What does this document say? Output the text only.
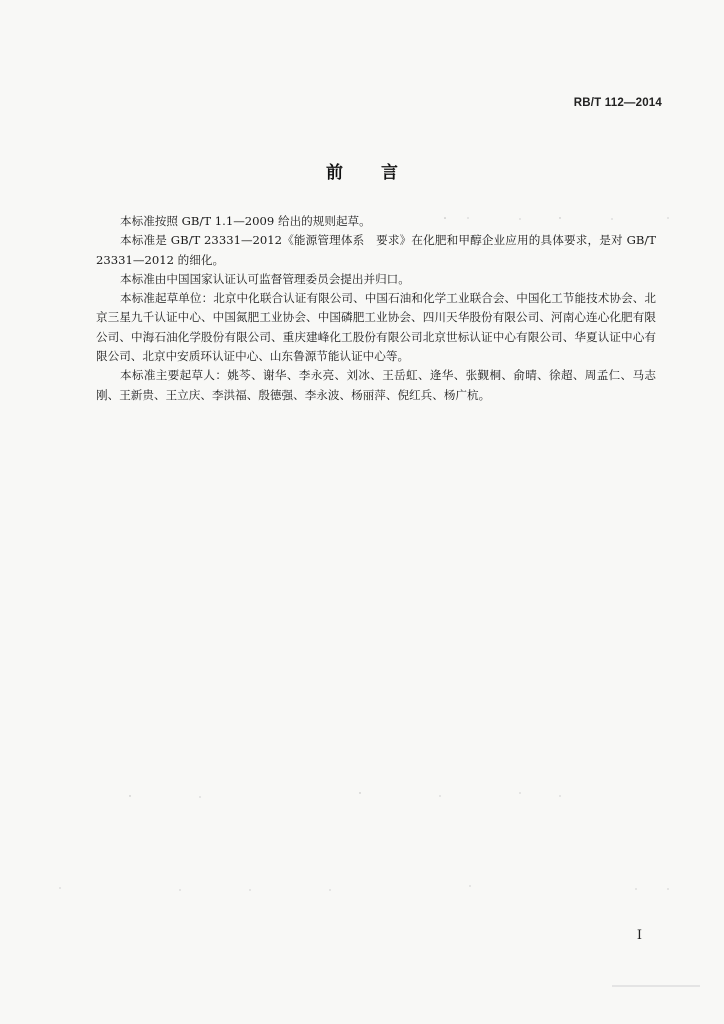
RB/T 112—2014
前言

本标准按照 GB/T 1.1—2009 给出的规则起草。

本标准是 GB/T 23331—2012《能源管理体系　要求》在化肥和甲醇企业应用的具体要求，是对 GB/T 23331—2012 的细化。

本标准由中国国家认证认可监督管理委员会提出并归口。

本标准起草单位：北京中化联合认证有限公司、中国石油和化学工业联合会、中国化工节能技术协会、北京三星九千认证中心、中国氮肥工业协会、中国磷肥工业协会、四川天华股份有限公司、河南心连心化肥有限公司、中海石油化学股份有限公司、重庆建峰化工股份有限公司北京世标认证中心有限公司、华夏认证中心有限公司、北京中安质环认证中心、山东鲁源节能认证中心等。

本标准主要起草人：姚芩、谢华、李永亮、刘冰、王岳虹、逄华、张觐桐、俞晴、徐超、周孟仁、马志刚、王新贵、王立庆、李洪福、殷德强、李永波、杨丽萍、倪红兵、杨广杭。

I
